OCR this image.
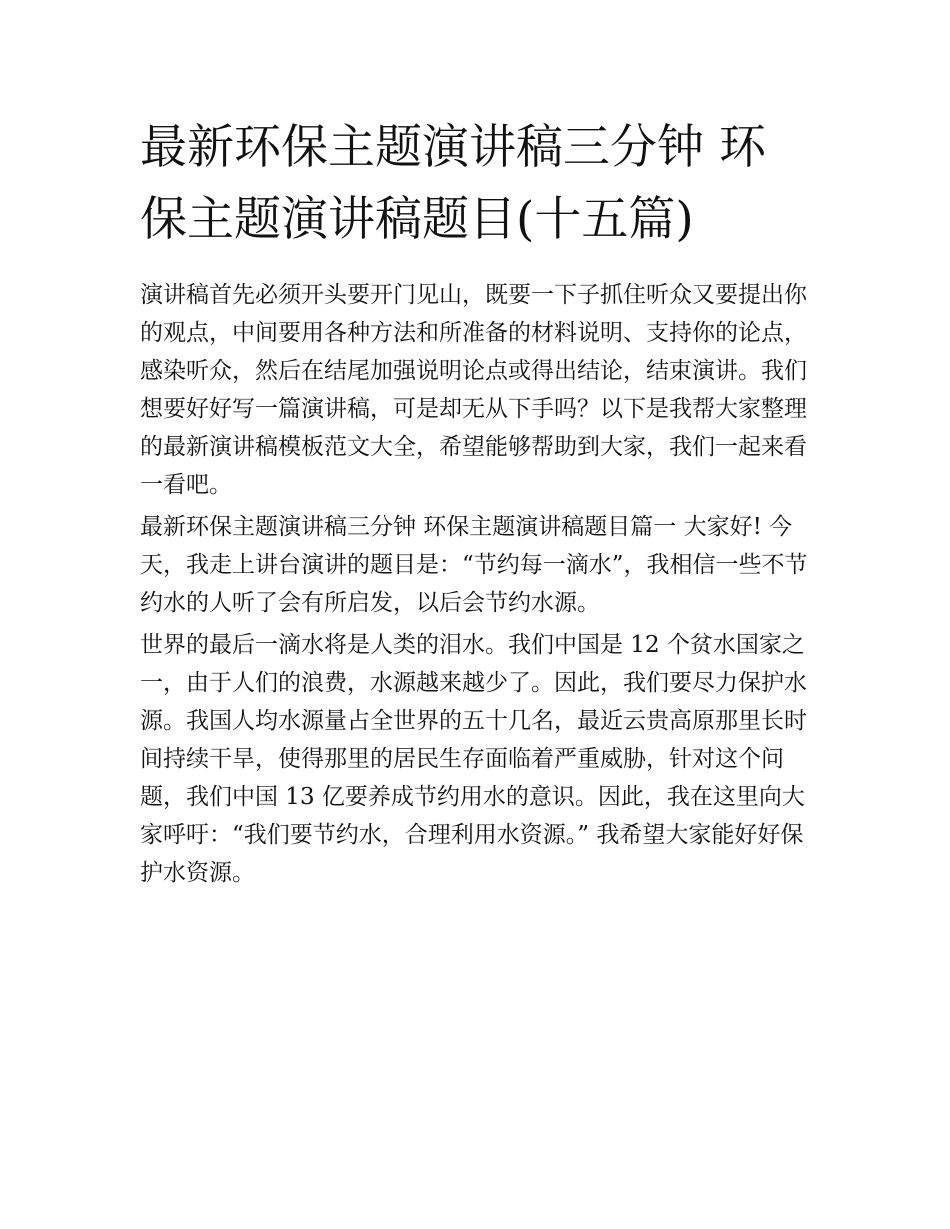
最新环保主题演讲稿三分钟 环保主题演讲稿题目(十五篇)

演讲稿首先必须开头要开门见山，既要一下子抓住听众又要提出你的观点，中间要用各种方法和所准备的材料说明、支持你的论点，感染听众，然后在结尾加强说明论点或得出结论，结束演讲。我们想要好好写一篇演讲稿，可是却无从下手吗？以下是我帮大家整理的最新演讲稿模板范文大全，希望能够帮助到大家，我们一起来看一看吧。

最新环保主题演讲稿三分钟 环保主题演讲稿题目篇一 大家好! 今天，我走上讲台演讲的题目是：“节约每一滴水”，我相信一些不节约水的人听了会有所启发，以后会节约水源。

世界的最后一滴水将是人类的泪水。我们中国是 12 个贫水国家之一，由于人们的浪费，水源越来越少了。因此，我们要尽力保护水源。我国人均水源量占全世界的五十几名，最近云贵高原那里长时间持续干旱，使得那里的居民生存面临着严重威胁，针对这个问题，我们中国 13 亿要养成节约用水的意识。因此，我在这里向大家呼吁：“我们要节约水，合理利用水资源。” 我希望大家能好好保护水资源。
